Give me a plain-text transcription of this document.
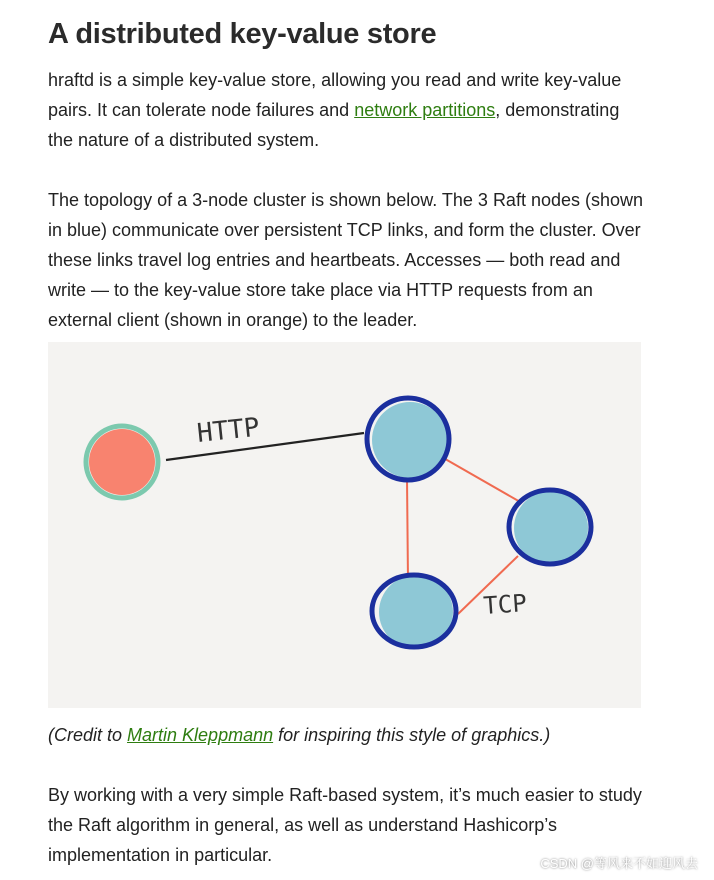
A distributed key-value store

hraftd is a simple key-value store, allowing you read and write key-value pairs. It can tolerate node failures and network partitions, demonstrating the nature of a distributed system.

The topology of a 3-node cluster is shown below. The 3 Raft nodes (shown in blue) communicate over persistent TCP links, and form the cluster. Over these links travel log entries and heartbeats. Accesses — both read and write — to the key-value store take place via HTTP requests from an external client (shown in orange) to the leader.

HTTP
TCP

(Credit to Martin Kleppmann for inspiring this style of graphics.)

By working with a very simple Raft-based system, it’s much easier to study the Raft algorithm in general, as well as understand Hashicorp’s implementation in particular.	CSDN @等风来不如迎风去
